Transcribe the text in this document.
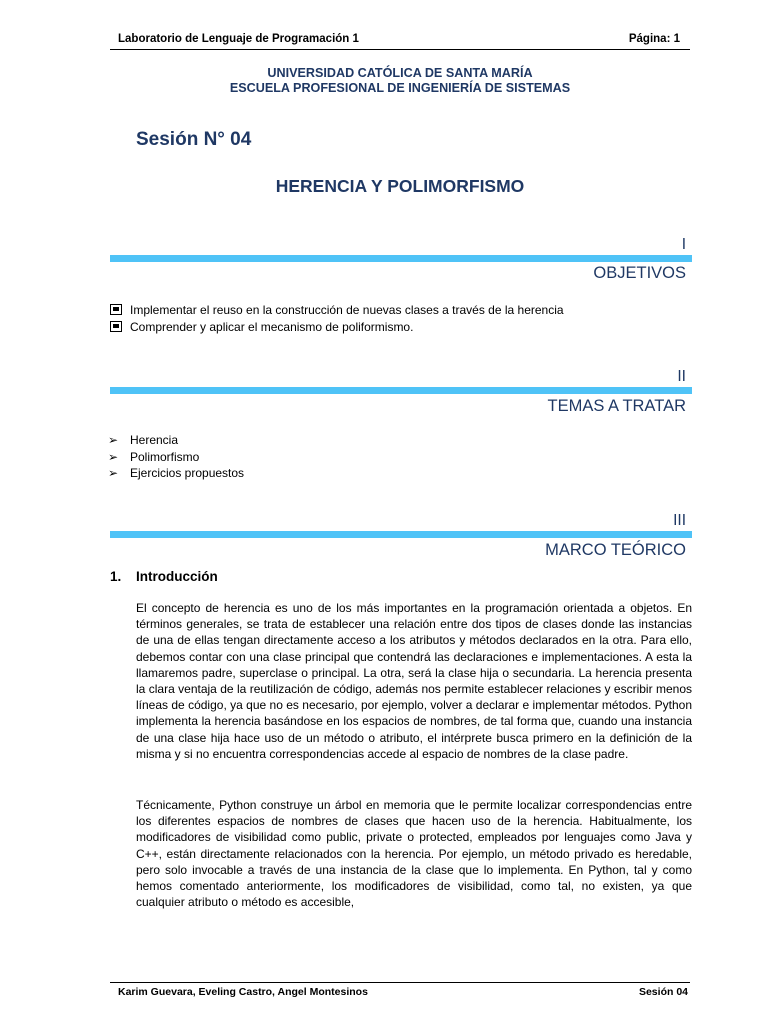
Laboratorio de Lenguaje de Programación 1	Página: 1
UNIVERSIDAD CATÓLICA DE SANTA MARÍA
ESCUELA PROFESIONAL DE INGENIERÍA DE SISTEMAS
Sesión N° 04
HERENCIA Y POLIMORFISMO
I
OBJETIVOS
Implementar el reuso en la construcción de nuevas clases a través de la herencia
Comprender y aplicar el mecanismo de poliformismo.
II
TEMAS A TRATAR
➢ Herencia
➢ Polimorfismo
➢ Ejercicios propuestos
III
MARCO TEÓRICO
1. Introducción
El concepto de herencia es uno de los más importantes en la programación orientada a objetos. En términos generales, se trata de establecer una relación entre dos tipos de clases donde las instancias de una de ellas tengan directamente acceso a los atributos y métodos declarados en la otra. Para ello, debemos contar con una clase principal que contendrá las declaraciones e implementaciones. A esta la llamaremos padre, superclase o principal. La otra, será la clase hija o secundaria. La herencia presenta la clara ventaja de la reutilización de código, además nos permite establecer relaciones y escribir menos líneas de código, ya que no es necesario, por ejemplo, volver a declarar e implementar métodos. Python implementa la herencia basándose en los espacios de nombres, de tal forma que, cuando una instancia de una clase hija hace uso de un método o atributo, el intérprete busca primero en la definición de la misma y si no encuentra correspondencias accede al espacio de nombres de la clase padre.
Técnicamente, Python construye un árbol en memoria que le permite localizar correspondencias entre los diferentes espacios de nombres de clases que hacen uso de la herencia. Habitualmente, los modificadores de visibilidad como public, private o protected, empleados por lenguajes como Java y C++, están directamente relacionados con la herencia. Por ejemplo, un método privado es heredable, pero solo invocable a través de una instancia de la clase que lo implementa. En Python, tal y como hemos comentado anteriormente, los modificadores de visibilidad, como tal, no existen, ya que cualquier atributo o método es accesible,
Karim Guevara, Eveling Castro, Angel Montesinos	Sesión 04
